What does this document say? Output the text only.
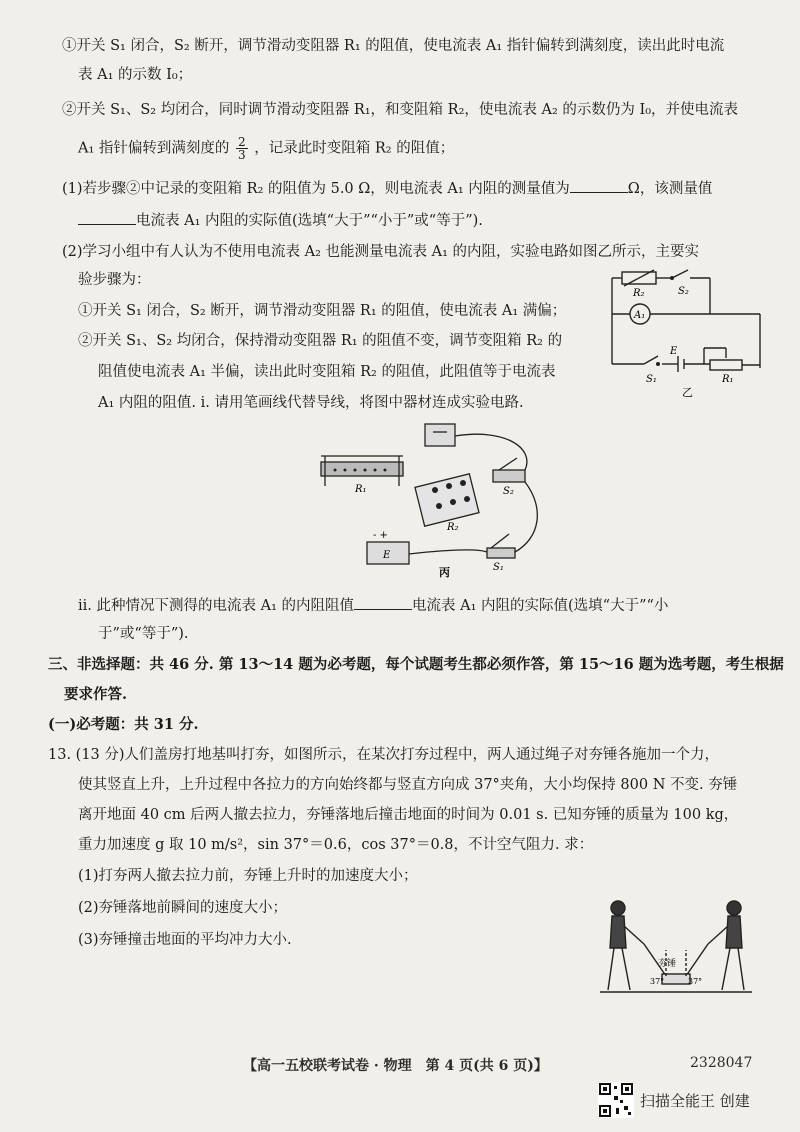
①开关 S₁ 闭合，S₂ 断开，调节滑动变阻器 R₁ 的阻值，使电流表 A₁ 指针偏转到满刻度，读出此时电流
表 A₁ 的示数 I₀；
②开关 S₁、S₂ 均闭合，同时调节滑动变阻器 R₁，和变阻箱 R₂，使电流表 A₂ 的示数仍为 I₀，并使电流表
A₁ 指针偏转到满刻度的 $\frac{2}{3}$ ，记录此时变阻箱 R₂ 的阻值；
(1)若步骤②中记录的变阻箱 R₂ 的阻值为 5.0 Ω，则电流表 A₁ 内阻的测量值为	Ω，该测量值
电流表 A₁ 内阻的实际值(选填“大于”“小于”或“等于”).
(2)学习小组中有人认为不使用电流表 A₂ 也能测量电流表 A₁ 的内阻，实验电路如图乙所示，主要实
验步骤为：
①开关 S₁ 闭合，S₂ 断开，调节滑动变阻器 R₁ 的阻值，使电流表 A₁ 满偏；
②开关 S₁、S₂ 均闭合，保持滑动变阻器 R₁ 的阻值不变，调节变阻箱 R₂ 的
阻值使电流表 A₁ 半偏，读出此时变阻箱 R₂ 的阻值，此阻值等于电流表
A₁ 内阻的阻值. ⅰ. 请用笔画线代替导线，将图中器材连成实验电路.
R₂	S₂
A₁
S₁
E
R₁
乙
R₁
R₂
S₂
S₁
E
- +
丙
ⅱ. 此种情况下测得的电流表 A₁ 的内阻阻值	电流表 A₁ 内阻的实际值(选填“大于”“小
于”或“等于”).
三、非选择题：共 46 分. 第 13～14 题为必考题，每个试题考生都必须作答，第 15～16 题为选考题，考生根据
要求作答.
(一)必考题：共 31 分.
13. (13 分)人们盖房打地基叫打夯，如图所示，在某次打夯过程中，两人通过绳子对夯锤各施加一个力，
使其竖直上升，上升过程中各拉力的方向始终都与竖直方向成 37°夹角，大小均保持 800 N 不变. 夯锤
离开地面 40 cm 后两人撤去拉力，夯锤落地后撞击地面的时间为 0.01 s. 已知夯锤的质量为 100 kg，
重力加速度 g 取 10 m/s²，sin 37°＝0.6，cos 37°＝0.8，不计空气阻力. 求：
(1)打夯两人撤去拉力前，夯锤上升时的加速度大小；
(2)夯锤落地前瞬间的速度大小；
(3)夯锤撞击地面的平均冲力大小.
夯锤
37°	37°
【高一五校联考试卷 · 物理　第 4 页(共 6 页)】	2328047
扫描全能王 创建
